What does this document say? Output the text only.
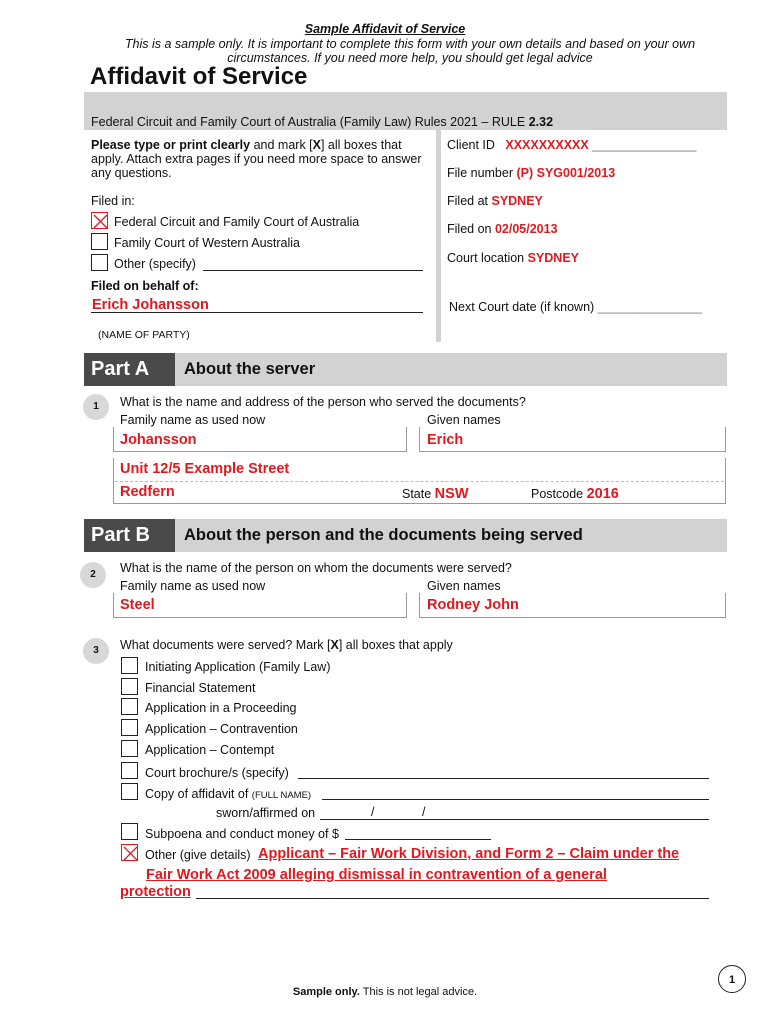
Sample Affidavit of Service
This is a sample only. It is important to complete this form with your own details and based on your own circumstances. If you need more help, you should get legal advice
Affidavit of Service
Federal Circuit and Family Court of Australia (Family Law) Rules 2021 – RULE 2.32
Please type or print clearly and mark [X] all boxes that apply. Attach extra pages if you need more space to answer any questions.
Filed in:
Federal Circuit and Family Court of Australia
Family Court of Western Australia
Other (specify)
Filed on behalf of:
Erich Johansson
(NAME OF PARTY)
Client ID XXXXXXXXXX _______________
File number (P) SYG001/2013
Filed at SYDNEY
Filed on 02/05/2013
Court location SYDNEY
Next Court date (if known) _______________
Part A	About the server
1	What is the name and address of the person who served the documents?
Family name as used now	Given names
Johansson	Erich
Unit 12/5 Example Street
Redfern	State NSW	Postcode 2016
Part B	About the person and the documents being served
2	What is the name of the person on whom the documents were served?
Family name as used now	Given names
Steel	Rodney John
3	What documents were served? Mark [X] all boxes that apply
Initiating Application (Family Law)
Financial Statement
Application in a Proceeding
Application – Contravention
Application – Contempt
Court brochure/s (specify)
Copy of affidavit of (FULL NAME)
sworn/affirmed on	/	/
Subpoena and conduct money of $
Other (give details) Applicant – Fair Work Division, and Form 2 – Claim under the
Fair Work Act 2009 alleging dismissal in contravention of a general
protection
1
Sample only. This is not legal advice.
